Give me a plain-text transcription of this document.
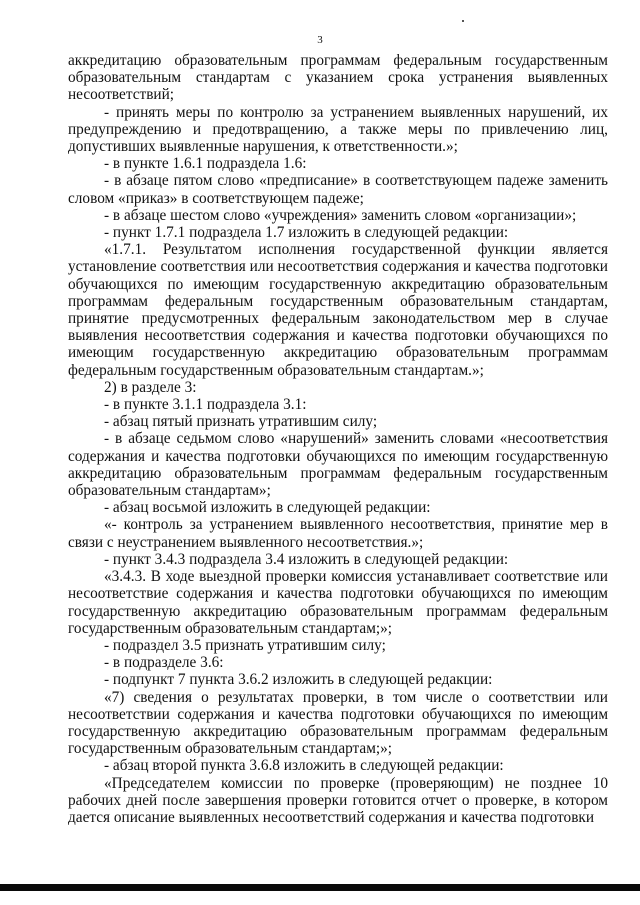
3

аккредитацию образовательным программам федеральным государственным образовательным стандартам с указанием срока устранения выявленных несоответствий;

- принять меры по контролю за устранением выявленных нарушений, их предупреждению и предотвращению, а также меры по привлечению лиц, допустивших выявленные нарушения, к ответственности.»;

- в пункте 1.6.1 подраздела 1.6:

- в абзаце пятом слово «предписание» в соответствующем падеже заменить словом «приказ» в соответствующем падеже;

- в абзаце шестом слово «учреждения» заменить словом «организации»;

- пункт 1.7.1 подраздела 1.7 изложить в следующей редакции:

«1.7.1. Результатом исполнения государственной функции является установление соответствия или несоответствия содержания и качества подготовки обучающихся по имеющим государственную аккредитацию образовательным программам федеральным государственным образовательным стандартам, принятие предусмотренных федеральным законодательством мер в случае выявления несоответствия содержания и качества подготовки обучающихся по имеющим государственную аккредитацию образовательным программам федеральным государственным образовательным стандартам.»;

2) в разделе 3:

- в пункте 3.1.1 подраздела 3.1:

- абзац пятый признать утратившим силу;

- в абзаце седьмом слово «нарушений» заменить словами «несоответствия содержания и качества подготовки обучающихся по имеющим государственную аккредитацию образовательным программам федеральным государственным образовательным стандартам»;

- абзац восьмой изложить в следующей редакции:

«- контроль за устранением выявленного несоответствия, принятие мер в связи с неустранением выявленного несоответствия.»;

- пункт 3.4.3 подраздела 3.4 изложить в следующей редакции:

«3.4.3. В ходе выездной проверки комиссия устанавливает соответствие или несоответствие содержания и качества подготовки обучающихся по имеющим государственную аккредитацию образовательным программам федеральным государственным образовательным стандартам;»;

- подраздел 3.5 признать утратившим силу;

- в подразделе 3.6:

- подпункт 7 пункта 3.6.2 изложить в следующей редакции:

«7) сведения о результатах проверки, в том числе о соответствии или несоответствии содержания и качества подготовки обучающихся по имеющим государственную аккредитацию образовательным программам федеральным государственным образовательным стандартам;»;

- абзац второй пункта 3.6.8 изложить в следующей редакции:

«Председателем комиссии по проверке (проверяющим) не позднее 10 рабочих дней после завершения проверки готовится отчет о проверке, в котором дается описание выявленных несоответствий содержания и качества подготовки
